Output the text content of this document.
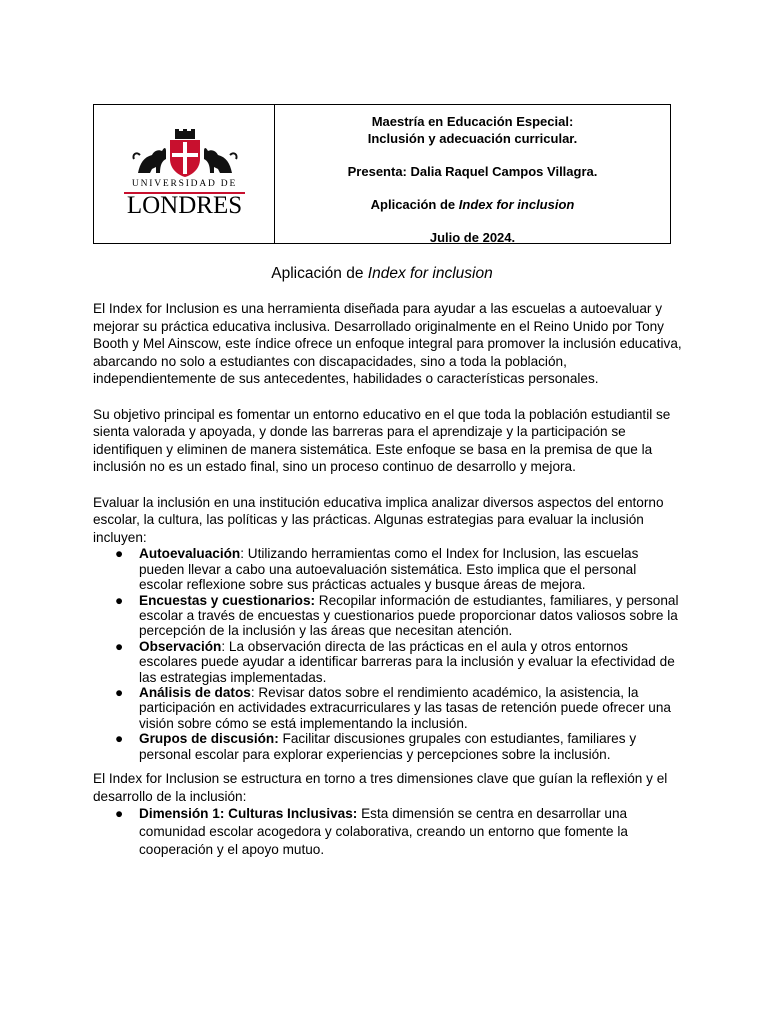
UNIVERSIDAD DE
LONDRES
Maestría en Educación Especial:
Inclusión y adecuación curricular.
Presenta: Dalia Raquel Campos Villagra.
Aplicación de Index for inclusion
Julio de 2024.
Aplicación de Index for inclusion

El Index for Inclusion es una herramienta diseñada para ayudar a las escuelas a autoevaluar y mejorar su práctica educativa inclusiva. Desarrollado originalmente en el Reino Unido por Tony Booth y Mel Ainscow, este índice ofrece un enfoque integral para promover la inclusión educativa, abarcando no solo a estudiantes con discapacidades, sino a toda la población, independientemente de sus antecedentes, habilidades o características personales.

Su objetivo principal es fomentar un entorno educativo en el que toda la población estudiantil se sienta valorada y apoyada, y donde las barreras para el aprendizaje y la participación se identifiquen y eliminen de manera sistemática. Este enfoque se basa en la premisa de que la inclusión no es un estado final, sino un proceso continuo de desarrollo y mejora.

Evaluar la inclusión en una institución educativa implica analizar diversos aspectos del entorno escolar, la cultura, las políticas y las prácticas. Algunas estrategias para evaluar la inclusión incluyen:

● Autoevaluación: Utilizando herramientas como el Index for Inclusion, las escuelas pueden llevar a cabo una autoevaluación sistemática. Esto implica que el personal escolar reflexione sobre sus prácticas actuales y busque áreas de mejora.
● Encuestas y cuestionarios: Recopilar información de estudiantes, familiares, y personal escolar a través de encuestas y cuestionarios puede proporcionar datos valiosos sobre la percepción de la inclusión y las áreas que necesitan atención.
● Observación: La observación directa de las prácticas en el aula y otros entornos escolares puede ayudar a identificar barreras para la inclusión y evaluar la efectividad de las estrategias implementadas.
● Análisis de datos: Revisar datos sobre el rendimiento académico, la asistencia, la participación en actividades extracurriculares y las tasas de retención puede ofrecer una visión sobre cómo se está implementando la inclusión.
● Grupos de discusión: Facilitar discusiones grupales con estudiantes, familiares y personal escolar para explorar experiencias y percepciones sobre la inclusión.

El Index for Inclusion se estructura en torno a tres dimensiones clave que guían la reflexión y el desarrollo de la inclusión:

● Dimensión 1: Culturas Inclusivas: Esta dimensión se centra en desarrollar una comunidad escolar acogedora y colaborativa, creando un entorno que fomente la cooperación y el apoyo mutuo.
